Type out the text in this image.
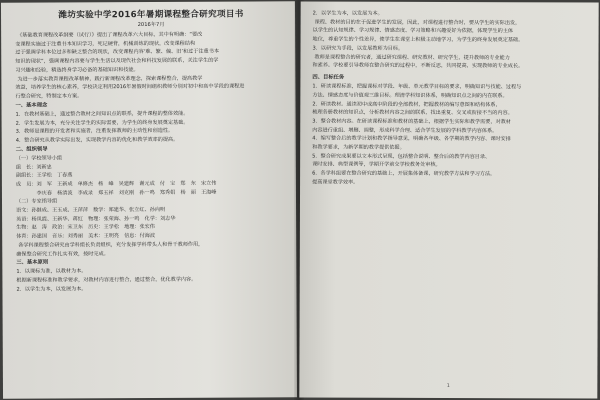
潍坊实验中学2016年暑期课程整合研究项目书
2016年7月
《基础教育课程改革纲要（试行）》提出了课程改革六大目标，其中有明确：“要改
变课程实施过于注重书本知识学习，死记硬背，机械训练的现状，改变课程结构
过于强调学科本位过多和缺乏整合的现状，改变课程内容‘难、繁、偏、旧’和过于注重书本
知识的现状”，强调课程内容要与学生生活以及现代社会和科技发展的联系，关注学生的学
习兴趣和经验，精选终身学习必备的基础知识和技能。
为进一步落实教育课程改革精神，践行新课程改革理念，探索课程整合，提高教学
效益，培养学生的核心素养，学校决定利用2016年暑假时间组织教师分别对初中和高中学段的课程进
行整合研究，特制定本方案。
一、基本理念
1．在教材基础上，通过整合教材之间知识点的联系，提升课程的整体效能。
2．学生发展为本，充分关注学生的实际需要，为学生的终身发展奠定基础。
3．教师是课程的开发者和实施者，注重发挥教师的主动性和创造性。
4．整合研究从教学实际出发，实现教学内容的优化和教学效率的提高。
二、组织领导
（一）学校领导小组
组　长：刘新忠
副组长：王学松　丁春燕
成　员：刘　军　王新成　单修杰　杨　峰　吴建辉　谢元成　付　宝　郑　东　宋立伟
　　　　李庆春　杨清波　李成录　郑玉祥　刘克刚　孙一鸣　郑秀娟　杨　丽　王海峰
（二）专家指导组
语文：孙继成、王玉成、王萍萍　数学：郑建华、张立红、孙向明
英语：杨凤霞、王新华、蒋红　物理：张荣海、孙一鸣　化学：刘志华
生物：赵　涛　政治：宋卫东　历史：王学松　地理：张宏伟
体育：孙建国　音乐：刘秀丽　美术：王明亮　信息：付海波
各学科课程整合研究由学科组长负责组织，充分发挥学科带头人和骨干教师作用，
确保整合研究工作扎实有效，按时完成。
三、基本原则
1．以课标为准，以教材为本。
根据新课程标准和教学要求，对教材内容进行整合，通过整合，优化教学内容。
2．以学生为本，以发展为本。
2．以学生为本，以发展为本。
课程、教材的目的在于促进学生的发展，因此，对课程进行整合时，要从学生的实际出发，
以学生的认知规律、学习规律、情感态度、学习策略和兴趣爱好为依据，体现学生的主体
地位，尊重学生的个性差异，使学生在课堂上积极主动地学习，为学生的终身发展奠定基础。
3．以研究为手段，以发展教师为目标。
教师是课程整合的研究者，通过研究课程、研究教材、研究学生，提升教师的专业能力
和素养。学校要引导教师在整合研究的过程中，不断反思，共同提高，实现教师的专业成长。
四、目标任务
1．研读课程标准，把握课标对学段、年级、单元教学目标的要求，明确知识与技能、过程与
方法、情感态度与价值观三维目标。理清学科知识体系，明确知识点之间的内在联系。
2．研读教材。通读初中或高中阶段的全部教材，把握教材的编写意图和结构体系，
梳理各册教材的知识点，分析教材内容之间的联系，找出重复、交叉或衔接不当的内容。
3．整合教材内容。在研读课程标准和教材的基础上，根据学生实际和教学需要，对教材
内容进行重组、增删、调整，形成科学合理、适合学生发展的学科教学内容体系。
4．编写整合后的教学计划和教学指导意见，明确各年级、各学期的教学内容、课时安排
和教学要求，为新学期的教学提供依据。
5．整合研究成果要以文本形式呈现，包括整合说明、整合后的教学内容目录、
课时安排、典型课例等，学期开学前交学校教务处审核。
6．各学科组要在整合研究的基础上，开展集体备课，研究教学方法和学习方法，
提高课堂教学效率。
1
